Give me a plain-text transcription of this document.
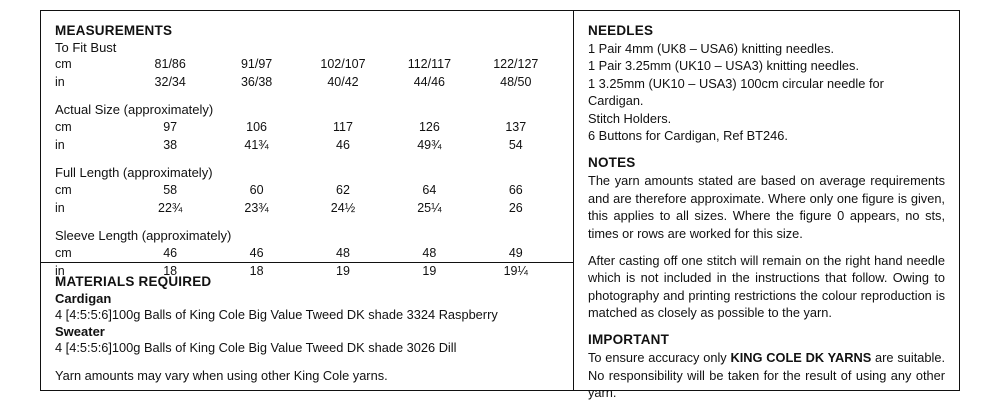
MEASUREMENTS
To Fit Bust
cm	81/86	91/97	102/107	112/117	122/127
in	32/34	36/38	40/42	44/46	48/50

Actual Size (approximately)					
cm	97	106	117	126	137
in	38	41¾	46	49¾	54

Full Length (approximately)					
cm	58	60	62	64	66
in	22¾	23¾	24½	25¼	26

Sleeve Length (approximately)					
cm	46	46	48	48	49
in	18	18	19	19	19¼
MATERIALS REQUIRED
Cardigan
4 [4:5:5:6]100g Balls of King Cole Big Value Tweed DK shade 3324 Raspberry
Sweater
4 [4:5:5:6]100g Balls of King Cole Big Value Tweed DK shade 3026 Dill
Yarn amounts may vary when using other King Cole yarns.
NEEDLES

1 Pair 4mm (UK8 – USA6) knitting needles.

1 Pair 3.25mm (UK10 – USA3) knitting needles.

1 3.25mm (UK10 – USA3) 100cm circular needle for

Cardigan.

Stitch Holders.

6 Buttons for Cardigan, Ref BT246.

NOTES

The yarn amounts stated are based on average requirements and are therefore approximate. Where only one figure is given, this applies to all sizes. Where the figure 0 appears, no sts, times or rows are worked for this size.

After casting off one stitch will remain on the right hand needle which is not included in the instructions that follow. Owing to photography and printing restrictions the colour reproduction is matched as closely as possible to the yarn.

IMPORTANT

To ensure accuracy only KING COLE DK YARNS are suitable. No responsibility will be taken for the result of using any other yarn.
